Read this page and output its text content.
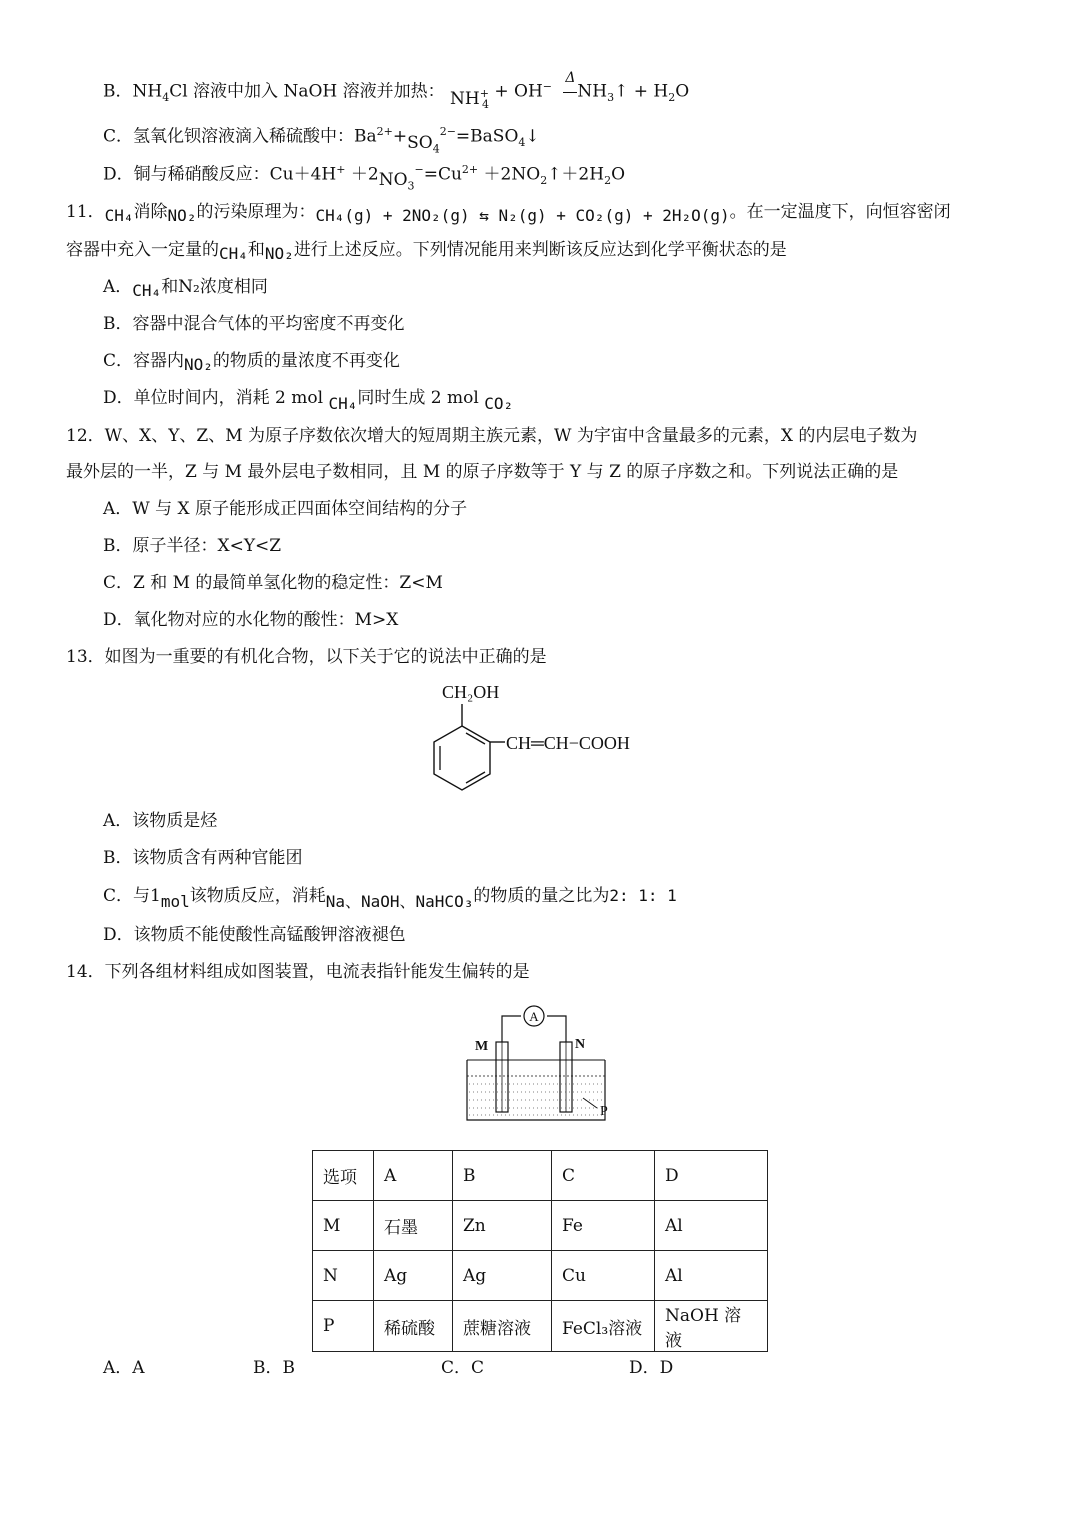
B．$NH_4Cl$ 溶液中加入 NaOH 溶液并加热： $NH^+_4 + OH^-$
Δ
$NH_3↑ + H_2O$
C．氢氧化钡溶液滴入稀硫酸中：$Ba^{2+}+SO_4^{2-}=BaSO_4↓$
D．铜与稀硝酸反应：$Cu+4H^+ +2NO_3^-=Cu^{2+}$ $+2NO_2↑+2H_2O$
11．CH₄消除NO₂的污染原理为：CH₄(g) + 2NO₂(g) ⇆ N₂(g) + CO₂(g) + 2H₂O(g)。在一定温度下，向恒容密闭
容器中充入一定量的CH₄和NO₂进行上述反应。下列情况能用来判断该反应达到化学平衡状态的是
A．CH₄和N₂浓度相同
B．容器中混合气体的平均密度不再变化
C．容器内NO₂的物质的量浓度不再变化
D．单位时间内，消耗 2 mol CH₄同时生成 2 mol CO₂
12．W、X、Y、Z、M 为原子序数依次增大的短周期主族元素，W 为宇宙中含量最多的元素，X 的内层电子数为
最外层的一半，Z 与 M 最外层电子数相同，且 M 的原子序数等于 Y 与 Z 的原子序数之和。下列说法正确的是
A．W 与 X 原子能形成正四面体空间结构的分子
B．原子半径：X<Y<Z
C．Z 和 M 的最简单氢化物的稳定性：Z<M
D．氧化物对应的水化物的酸性：M>X
13．如图为一重要的有机化合物，以下关于它的说法中正确的是
CH₂OH
CH═CH−COOH
A．该物质是烃
B．该物质含有两种官能团
C．与1mol该物质反应，消耗Na、NaOH、NaHCO₃的物质的量之比为2: 1: 1
D．该物质不能使酸性高锰酸钾溶液褪色
14．下列各组材料组成如图装置，电流表指针能发生偏转的是
A
M	N
P
选项	A	B	C	D
M	石墨	Zn	Fe	Al
N	Ag	Ag	Cu	Al
P	稀硫酸	蔗糖溶液	FeCl₃溶液	NaOH 溶液
A．A	B．B	C．C	D．D
